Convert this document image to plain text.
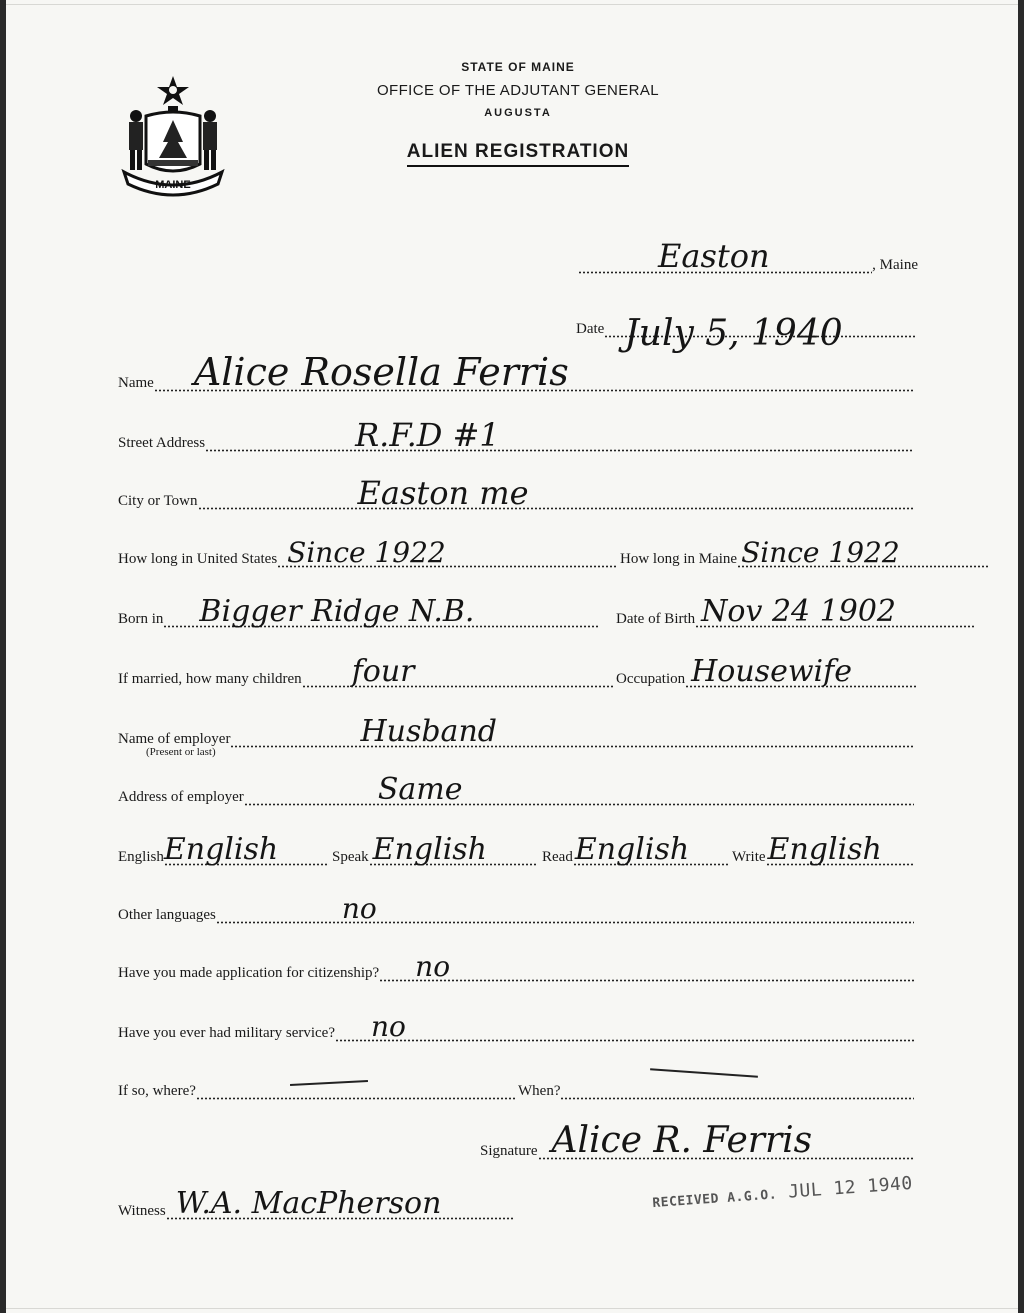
MAINE
STATE OF MAINE
OFFICE OF THE ADJUTANT GENERAL
AUGUSTA
ALIEN REGISTRATION
Easton	, Maine
Date July 5, 1940
Name Alice Rosella Ferris
Street Address	R.F.D #1
City or Town	Easton me
How long in United States Since 1922	How long in Maine Since 1922
Born in Bigger Ridge N.B.	Date of Birth Nov 24 1902
If married, how many children four	Occupation Housewife
Name of employer	Husband
(Present or last)
Address of employer	Same
English English	Speak English	Read English	Write English
Other languages	no
Have you made application for citizenship? no
Have you ever had military service? no
If so, where?	When?
Signature Alice R. Ferris
Witness W.A. MacPherson	RECEIVED A.G.O. JUL 12 1940
